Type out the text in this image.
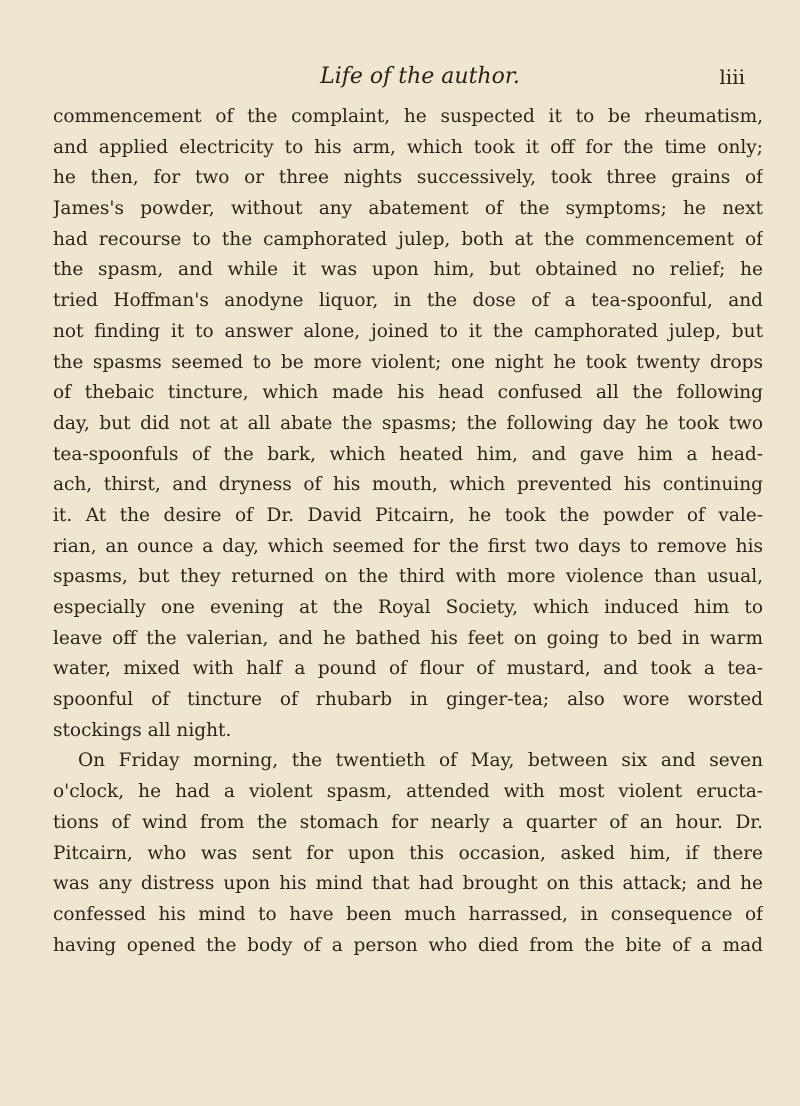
Life of the author.	liii
commencement of the complaint, he suspected it to be rheumatism,
and applied electricity to his arm, which took it off for the time only;
he then, for two or three nights successively, took three grains of
James's powder, without any abatement of the symptoms; he next
had recourse to the camphorated julep, both at the commencement of
the spasm, and while it was upon him, but obtained no relief; he
tried Hoffman's anodyne liquor, in the dose of a tea-spoonful, and
not finding it to answer alone, joined to it the camphorated julep, but
the spasms seemed to be more violent; one night he took twenty drops
of thebaic tincture, which made his head confused all the following
day, but did not at all abate the spasms; the following day he took two
tea-spoonfuls of the bark, which heated him, and gave him a head-
ach, thirst, and dryness of his mouth, which prevented his continuing
it. At the desire of Dr. David Pitcairn, he took the powder of vale-
rian, an ounce a day, which seemed for the first two days to remove his
spasms, but they returned on the third with more violence than usual,
especially one evening at the Royal Society, which induced him to
leave off the valerian, and he bathed his feet on going to bed in warm
water, mixed with half a pound of flour of mustard, and took a tea-
spoonful of tincture of rhubarb in ginger-tea; also wore worsted
stockings all night.
On Friday morning, the twentieth of May, between six and seven
o'clock, he had a violent spasm, attended with most violent eructa-
tions of wind from the stomach for nearly a quarter of an hour. Dr.
Pitcairn, who was sent for upon this occasion, asked him, if there
was any distress upon his mind that had brought on this attack; and he
confessed his mind to have been much harrassed, in consequence of
having opened the body of a person who died from the bite of a mad
